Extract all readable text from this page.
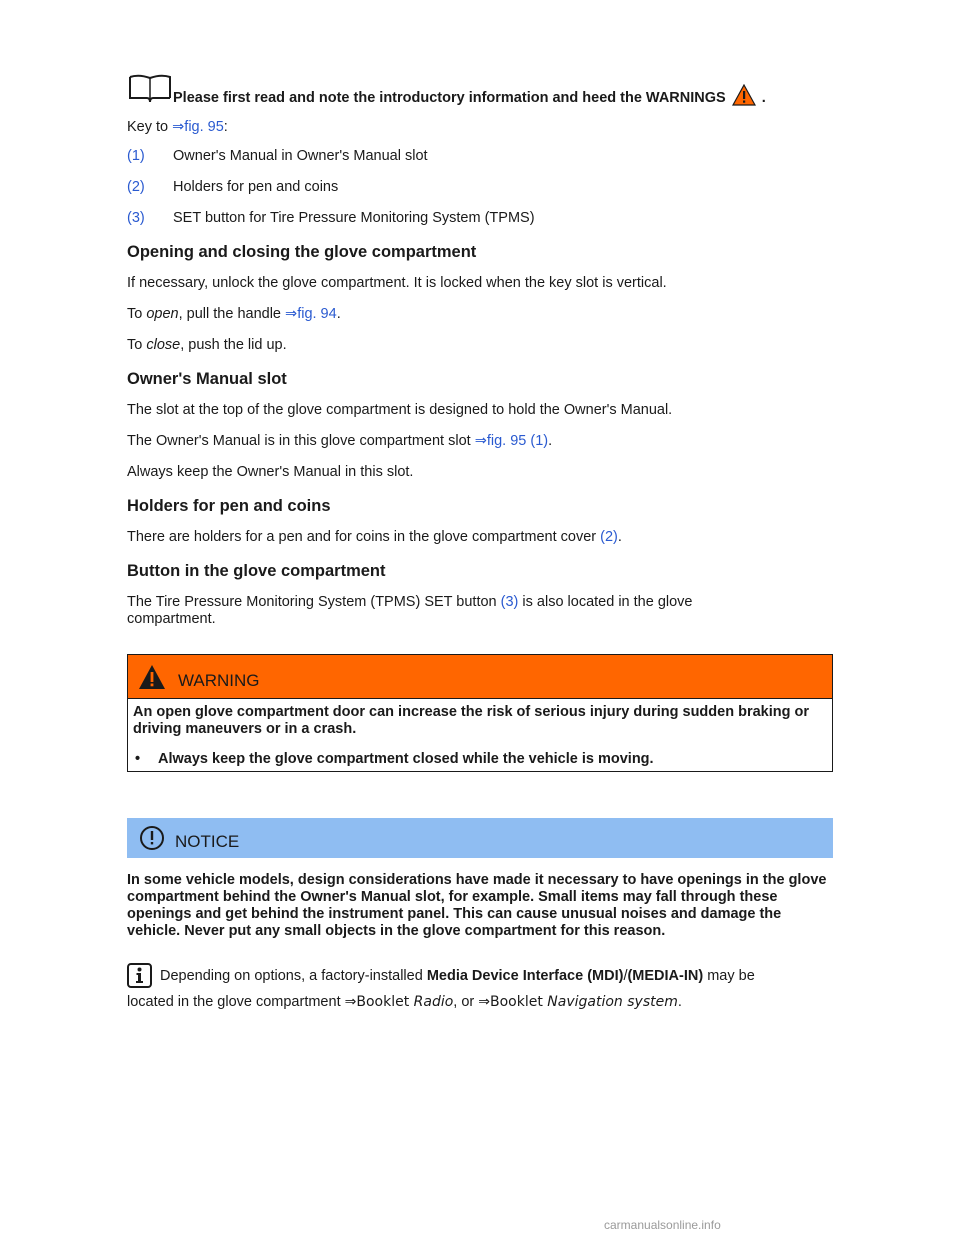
Please first read and note the introductory information and heed the WARNINGS .

Key to ⇒fig. 95:

(1)	Owner's Manual in Owner's Manual slot
(2)	Holders for pen and coins
(3)	SET button for Tire Pressure Monitoring System (TPMS)
Opening and closing the glove compartment

If necessary, unlock the glove compartment. It is locked when the key slot is vertical.

To open, pull the handle ⇒fig. 94.

To close, push the lid up.

Owner's Manual slot

The slot at the top of the glove compartment is designed to hold the Owner's Manual.

The Owner's Manual is in this glove compartment slot ⇒fig. 95 (1).

Always keep the Owner's Manual in this slot.

Holders for pen and coins

There are holders for a pen and for coins in the glove compartment cover (2).

Button in the glove compartment

The Tire Pressure Monitoring System (TPMS) SET button (3) is also located in the glove compartment.

WARNING

An open glove compartment door can increase the risk of serious injury during sudden braking or driving maneuvers or in a crash.

•	Always keep the glove compartment closed while the vehicle is moving.
NOTICE

In some vehicle models, design considerations have made it necessary to have openings in the glove compartment behind the Owner's Manual slot, for example. Small items may fall through these openings and get behind the instrument panel. This can cause unusual noises and damage the vehicle. Never put any small objects in the glove compartment for this reason.

Depending on options, a factory-installed Media Device Interface (MDI)/(MEDIA-IN) may be

located in the glove compartment ⇒Booklet Radio, or ⇒Booklet Navigation system.

carmanualsonline.info
